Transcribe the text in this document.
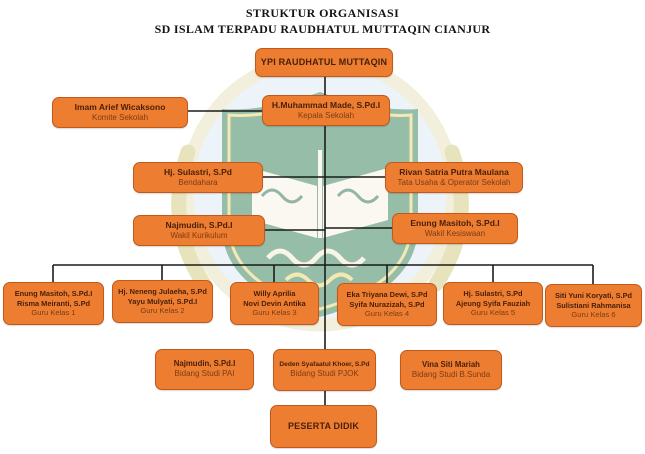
STRUKTUR ORGANISASI
SD ISLAM TERPADU RAUDHATUL MUTTAQIN CIANJUR
YPI RAUDHATUL MUTTAQIN
Imam Arief Wicaksono
Komite Sekolah
H.Muhammad Made, S.Pd.I
Kepala Sekolah
Hj. Sulastri, S.Pd
Bendahara
Rivan Satria Putra Maulana
Tata Usaha & Operator Sekolah
Najmudin, S.Pd.I
Wakil Kurikulum
Enung Masitoh, S.Pd.I
Wakil Kesiswaan
Enung Masitoh, S.Pd.I
Risma Meiranti, S.Pd
Guru Kelas 1
Hj. Neneng Julaeha, S.Pd
Yayu Mulyati, S.Pd.I
Guru Kelas 2
Willy Aprilia
Novi Devin Antika
Guru Kelas 3
Eka Triyana Dewi, S.Pd
Syifa Nurazizah, S.Pd
Guru Kelas 4
Hj. Sulastri, S.Pd
Ajeung Syifa Fauziah
Guru Kelas 5
Siti Yuni Koryati, S.Pd
Sulistiani Rahmanisa
Guru Kelas 6
Najmudin, S.Pd.I
Bidang Studi PAI
Deden Syafaatul Khoer, S.Pd
Bidang Studi PJOK
Vina Siti Mariah
Bidang Studi B.Sunda
PESERTA DIDIK
